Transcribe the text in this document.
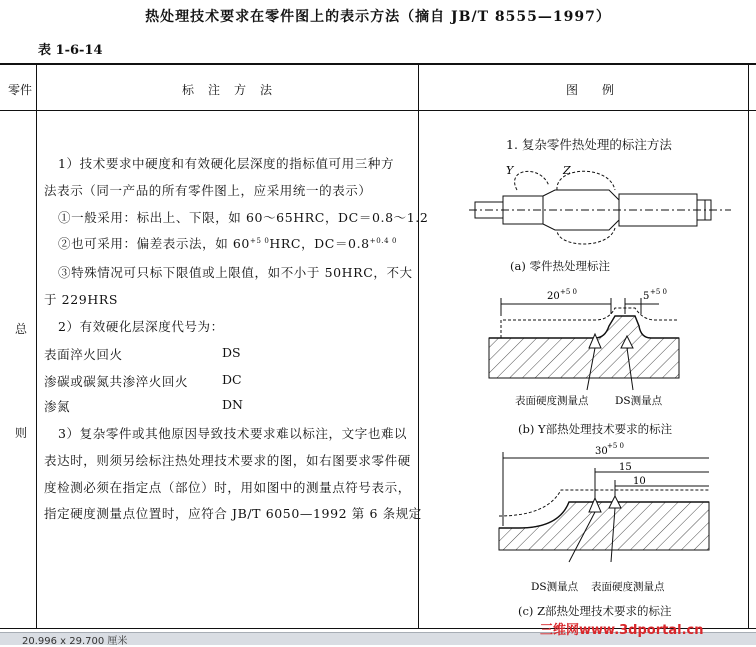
热处理技术要求在零件图上的表示方法（摘自 JB/T 8555—1997）
表 1-6-14
零件	标注方法	图例
总
则
1）技术要求中硬度和有效硬化层深度的指标值可用三种方
法表示（同一产品的所有零件图上，应采用统一的表示）
①一般采用：标出上、下限，如 60～65HRC，DC＝0.8～1.2
②也可采用：偏差表示法，如 $60^{+5 0}HRC$，$DC=0.8^{+0.4 0}$
③特殊情况可只标下限值或上限值，如不小于 50HRC，不大
于 229HRS
2）有效硬化层深度代号为：
表面淬火回火	DS
渗碳或碳氮共渗淬火回火	DC
渗氮	DN
3）复杂零件或其他原因导致技术要求难以标注，文字也难以
表达时，则须另绘标注热处理技术要求的图，如右图要求零件硬
度检测必须在指定点（部位）时，用如图中的测量点符号表示，
指定硬度测量点位置时，应符合 JB/T 6050—1992 第 6 条规定
1. 复杂零件热处理的标注方法
Y	Z
20 +5 0	5 +5 0
表面硬度测量点	DS测量点
30 +5 0
15
10
DS测量点 表面硬度测量点
(a) 零件热处理标注
(b) Y部热处理技术要求的标注
(c) Z部热处理技术要求的标注
20.996 x 29.700 厘米
三维网www.3dportal.cn
